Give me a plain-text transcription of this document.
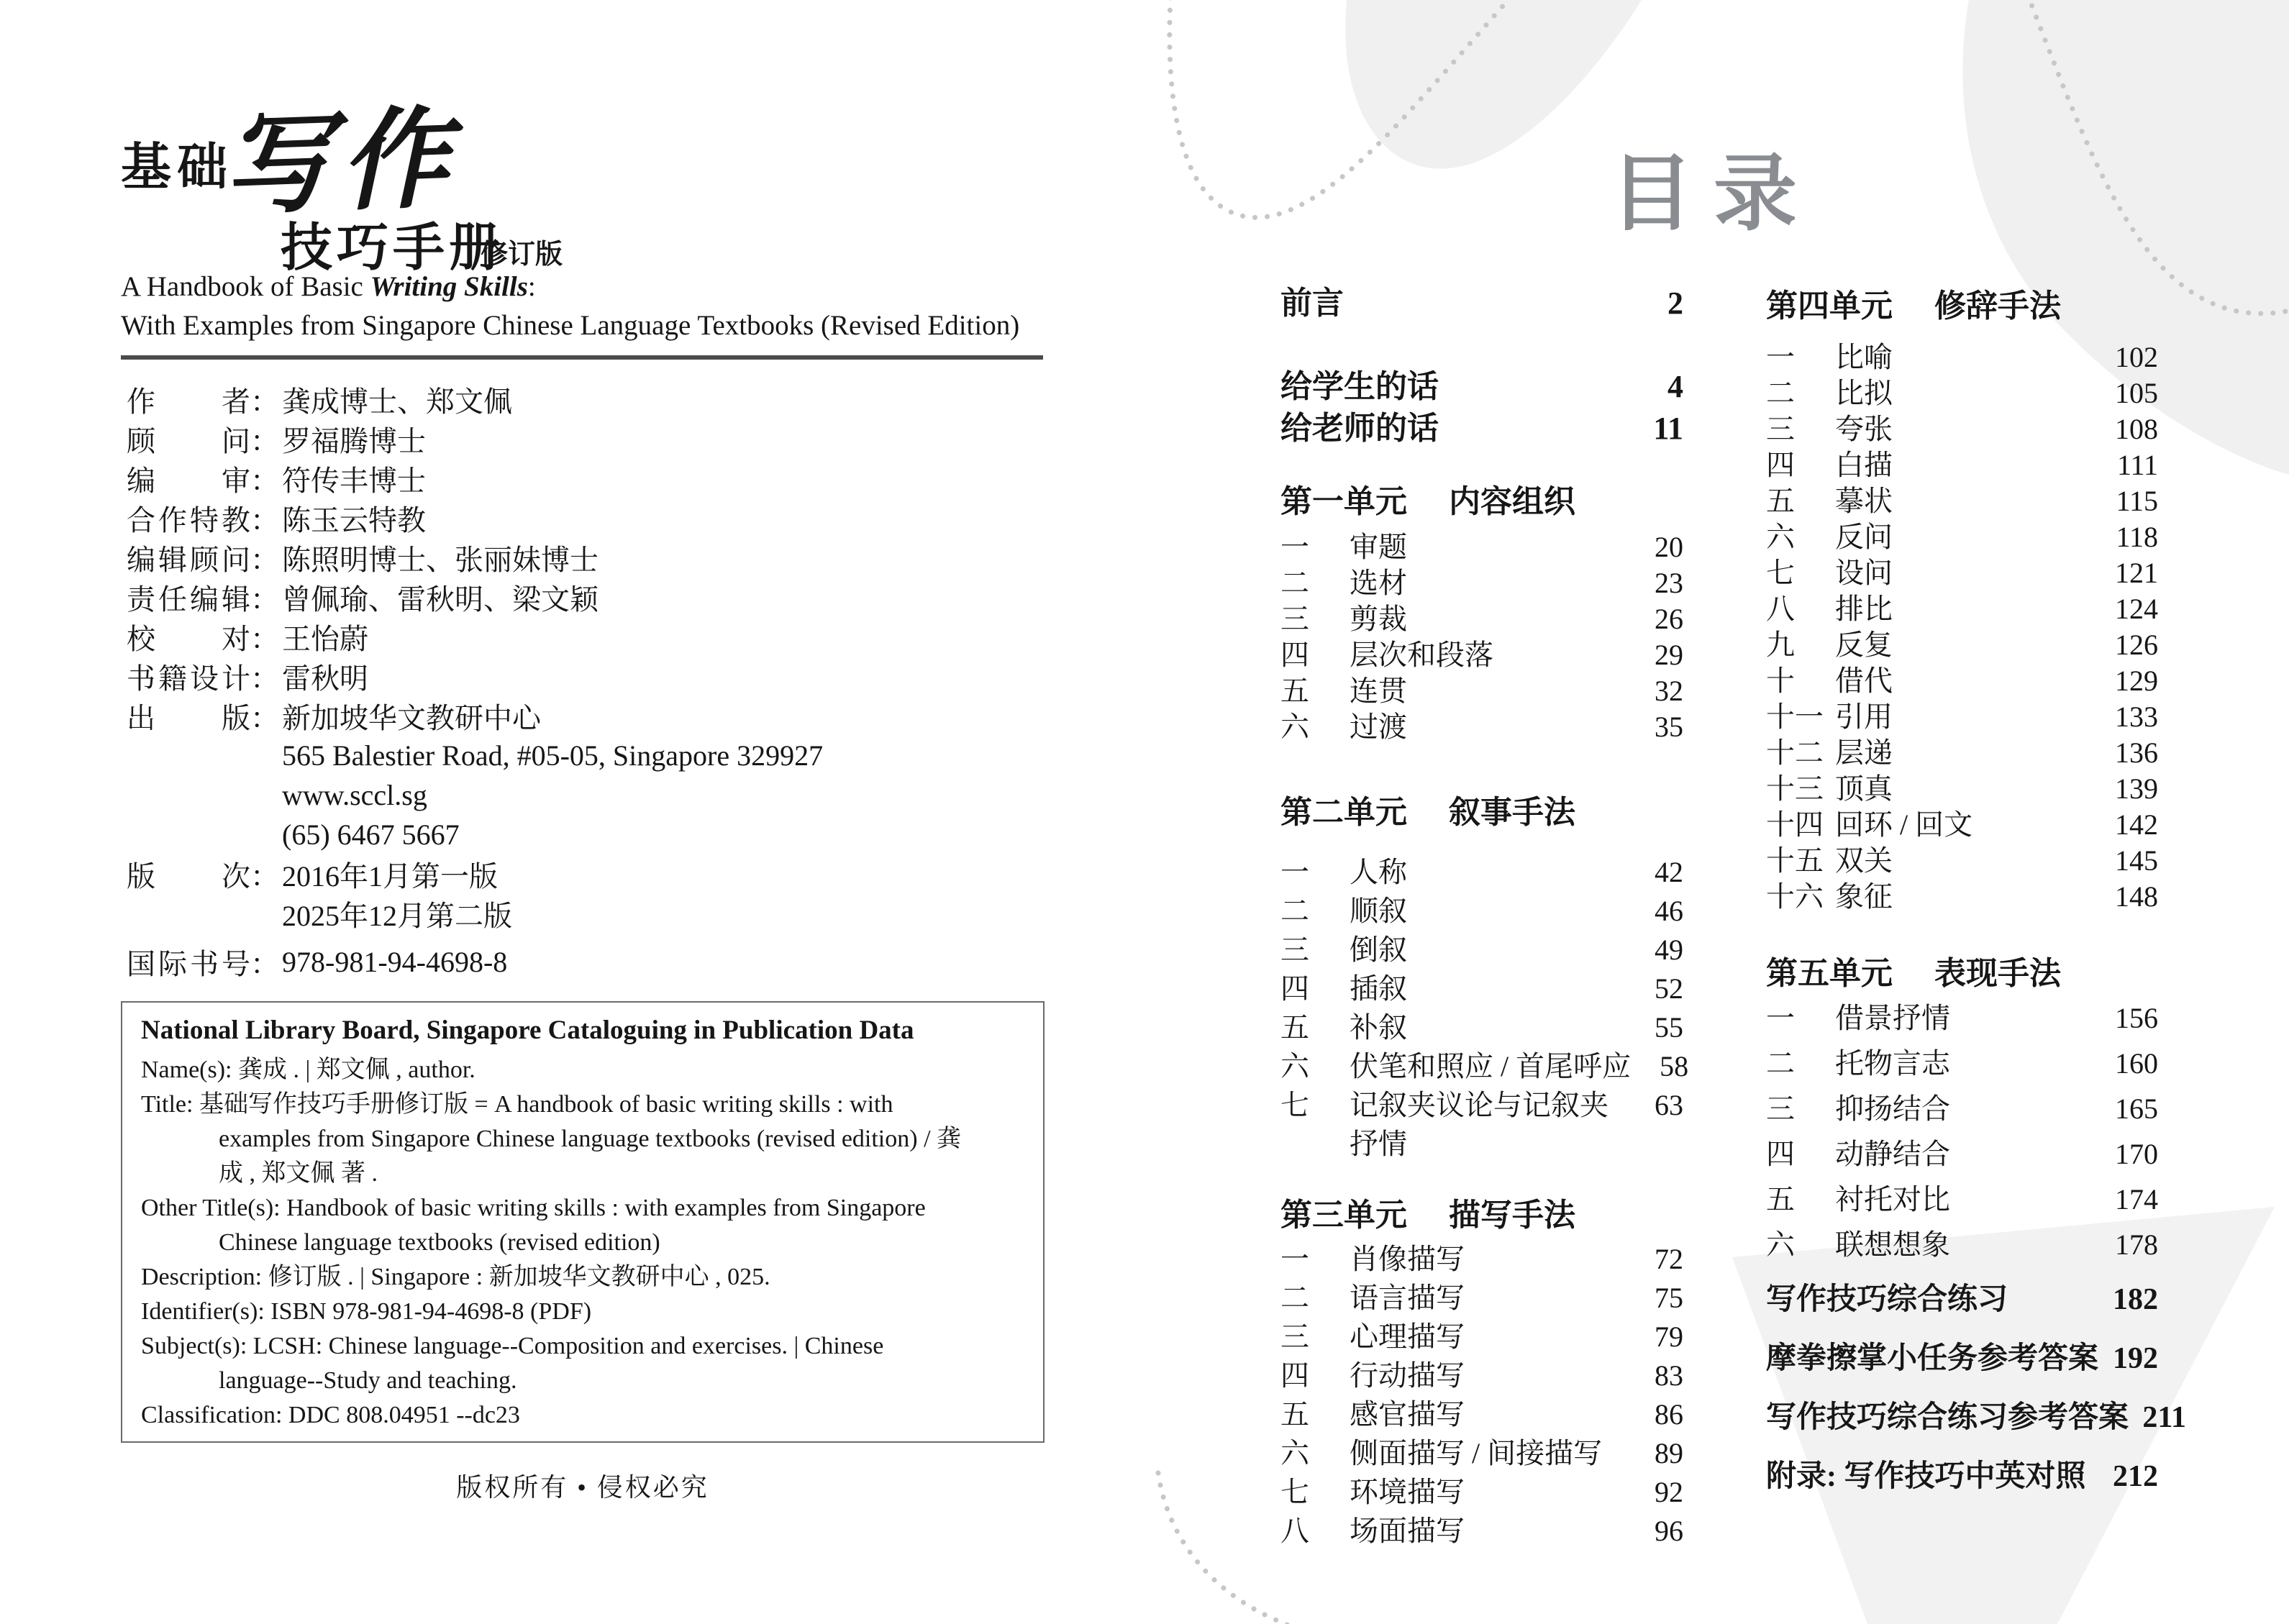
基础
写作
技巧手册
修订版
A Handbook of Basic Writing Skills:
With Examples from Singapore Chinese Language Textbooks (Revised Edition)
作者 ： 龚成博士、郑文佩
顾问 ： 罗福腾博士
编审 ： 符传丰博士
合作特教 ： 陈玉云特教
编辑顾问 ： 陈照明博士、张丽妹博士
责任编辑 ： 曾佩瑜、雷秋明、梁文颖
校对 ： 王怡蔚
书籍设计 ： 雷秋明
出版 ： 新加坡华文教研中心
565 Balestier Road, #05-05, Singapore 329927
www.sccl.sg
(65) 6467 5667
版次 ： 2016年1月第一版
2025年12月第二版
国际书号 ： 978-981-94-4698-8
National Library Board, Singapore Cataloguing in Publication Data
Name(s): 龚成 . | 郑文佩 , author.
Title: 基础写作技巧手册修订版 = A handbook of basic writing skills : with
examples from Singapore Chinese language textbooks (revised edition) / 龚
成 , 郑文佩 著 .
Other Title(s): Handbook of basic writing skills : with examples from Singapore
Chinese language textbooks (revised edition)
Description: 修订版 . | Singapore : 新加坡华文教研中心 , 025.
Identifier(s): ISBN 978-981-94-4698-8 (PDF)
Subject(s): LCSH: Chinese language--Composition and exercises. | Chinese
language--Study and teaching.
Classification: DDC 808.04951 --dc23
版权所有 • 侵权必究
目录
前言	2
给学生的话	4
给老师的话	11
第一单元 内容组织
一	审题	20
二	选材	23
三	剪裁	26
四	层次和段落	29
五	连贯	32
六	过渡	35
第二单元 叙事手法
一	人称	42
二	顺叙	46
三	倒叙	49
四	插叙	52
五	补叙	55
六	伏笔和照应 / 首尾呼应	58
七	记叙夹议论与记叙夹	63
抒情
第三单元 描写手法
一	肖像描写	72
二	语言描写	75
三	心理描写	79
四	行动描写	83
五	感官描写	86
六	侧面描写 / 间接描写	89
七	环境描写	92
八	场面描写	96
第四单元 修辞手法
一	比喻	102
二	比拟	105
三	夸张	108
四	白描	111
五	摹状	115
六	反问	118
七	设问	121
八	排比	124
九	反复	126
十	借代	129
十一 引用	133
十二 层递	136
十三 顶真	139
十四 回环 / 回文	142
十五 双关	145
十六 象征	148
第五单元 表现手法
一	借景抒情	156
二	托物言志	160
三	抑扬结合	165
四	动静结合	170
五	衬托对比	174
六	联想想象	178
写作技巧综合练习	182
摩拳擦掌小任务参考答案 192
写作技巧综合练习参考答案 211
附录: 写作技巧中英对照 212
